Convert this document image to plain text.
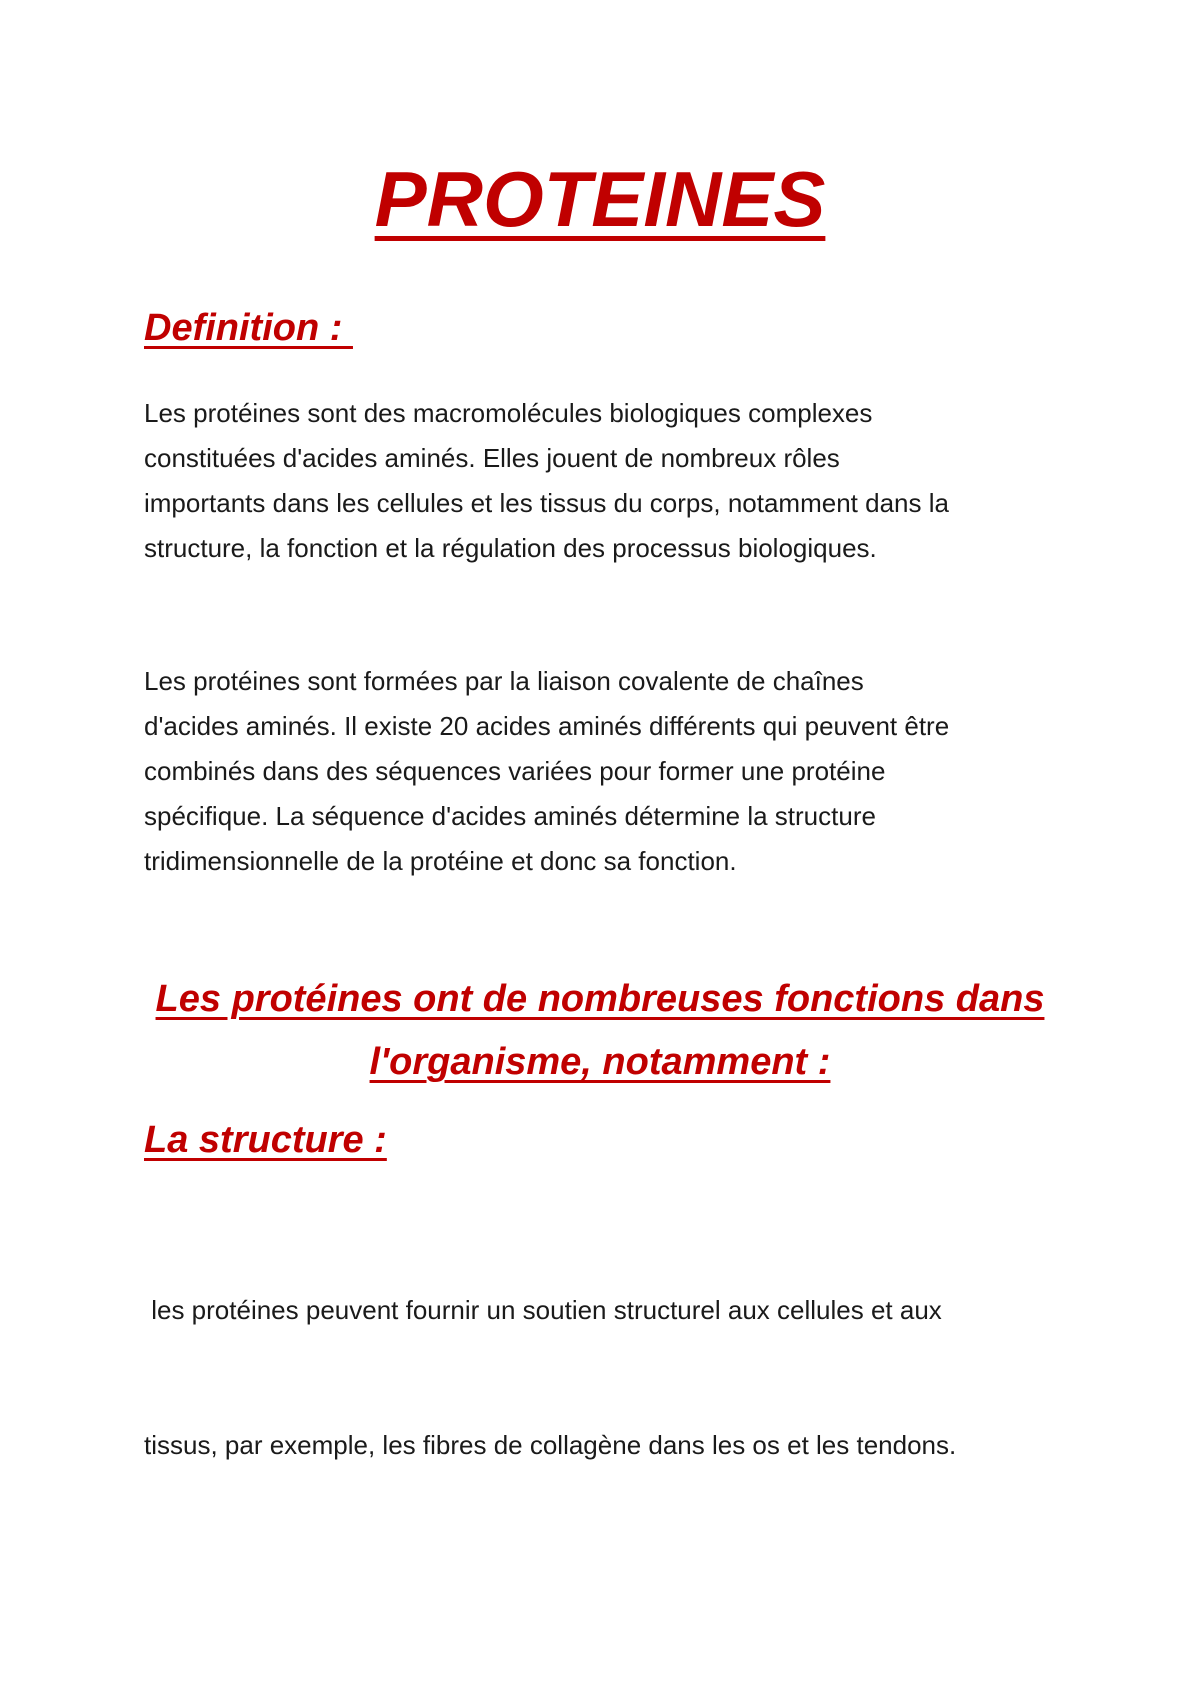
PROTEINES
Definition :

Les protéines sont des macromolécules biologiques complexes
constituées d'acides aminés. Elles jouent de nombreux rôles
importants dans les cellules et les tissus du corps, notamment dans la
structure, la fonction et la régulation des processus biologiques.

Les protéines sont formées par la liaison covalente de chaînes
d'acides aminés. Il existe 20 acides aminés différents qui peuvent être
combinés dans des séquences variées pour former une protéine
spécifique. La séquence d'acides aminés détermine la structure
tridimensionnelle de la protéine et donc sa fonction.

Les protéines ont de nombreuses fonctions dans
l'organisme, notamment :
La structure :

les protéines peuvent fournir un soutien structurel aux cellules et aux

tissus, par exemple, les fibres de collagène dans les os et les tendons.
